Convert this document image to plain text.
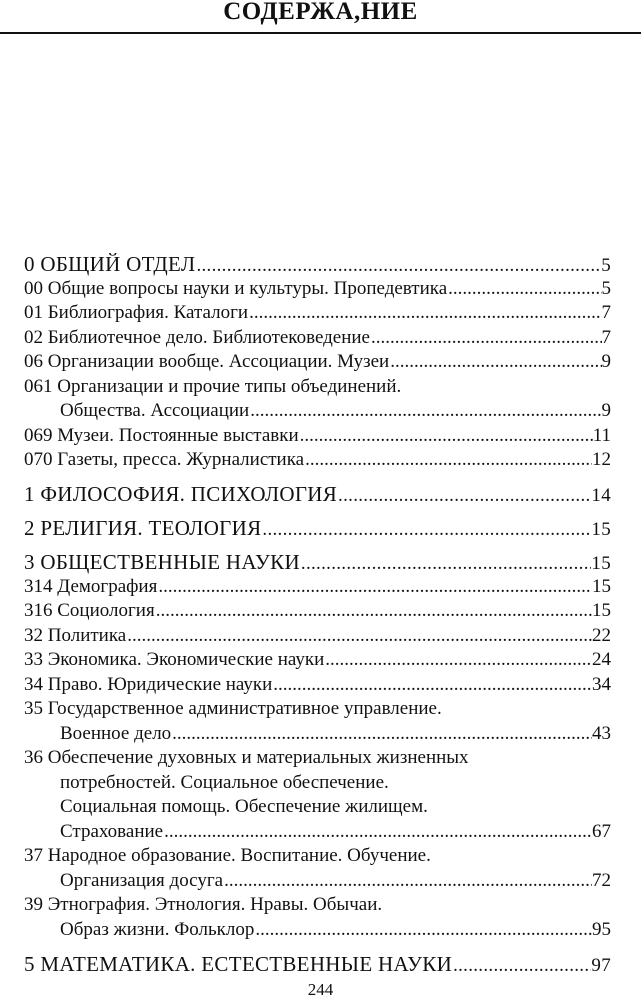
СОДЕРЖА,НИЕ
0 ОБЩИЙ ОТДЕЛ .....	5
00 Общие вопросы науки и культуры. Пропедевтика .....	5
01 Библиография. Каталоги .....	7
02 Библиотечное дело. Библиотековедение .....	7
06 Организации вообще. Ассоциации. Музеи .....	9
061 Организации и прочие типы объединений.
Общества. Ассоциации .....	9
069 Музеи. Постоянные выставки .....	11
070 Газеты, пресса. Журналистика .....	12
1 ФИЛОСОФИЯ. ПСИХОЛОГИЯ .....	14
2 РЕЛИГИЯ. ТЕОЛОГИЯ .....	15
3 ОБЩЕСТВЕННЫЕ НАУКИ .....	15
314 Демография .....	15
316 Социология .....	15
32 Политика .....	22
33 Экономика. Экономические науки .....	24
34 Право. Юридические науки .....	34
35 Государственное административное управление.
Военное дело .....	43
36 Обеспечение духовных и материальных жизненных
потребностей. Социальное обеспечение.
Социальная помощь. Обеспечение жилищем.
Страхование .....	67
37 Народное образование. Воспитание. Обучение.
Организация досуга .....	72
39 Этнография. Этнология. Нравы. Обычаи.
Образ жизни. Фольклор .....	95
5 МАТЕМАТИКА. ЕСТЕСТВЕННЫЕ НАУКИ .....	97
244
